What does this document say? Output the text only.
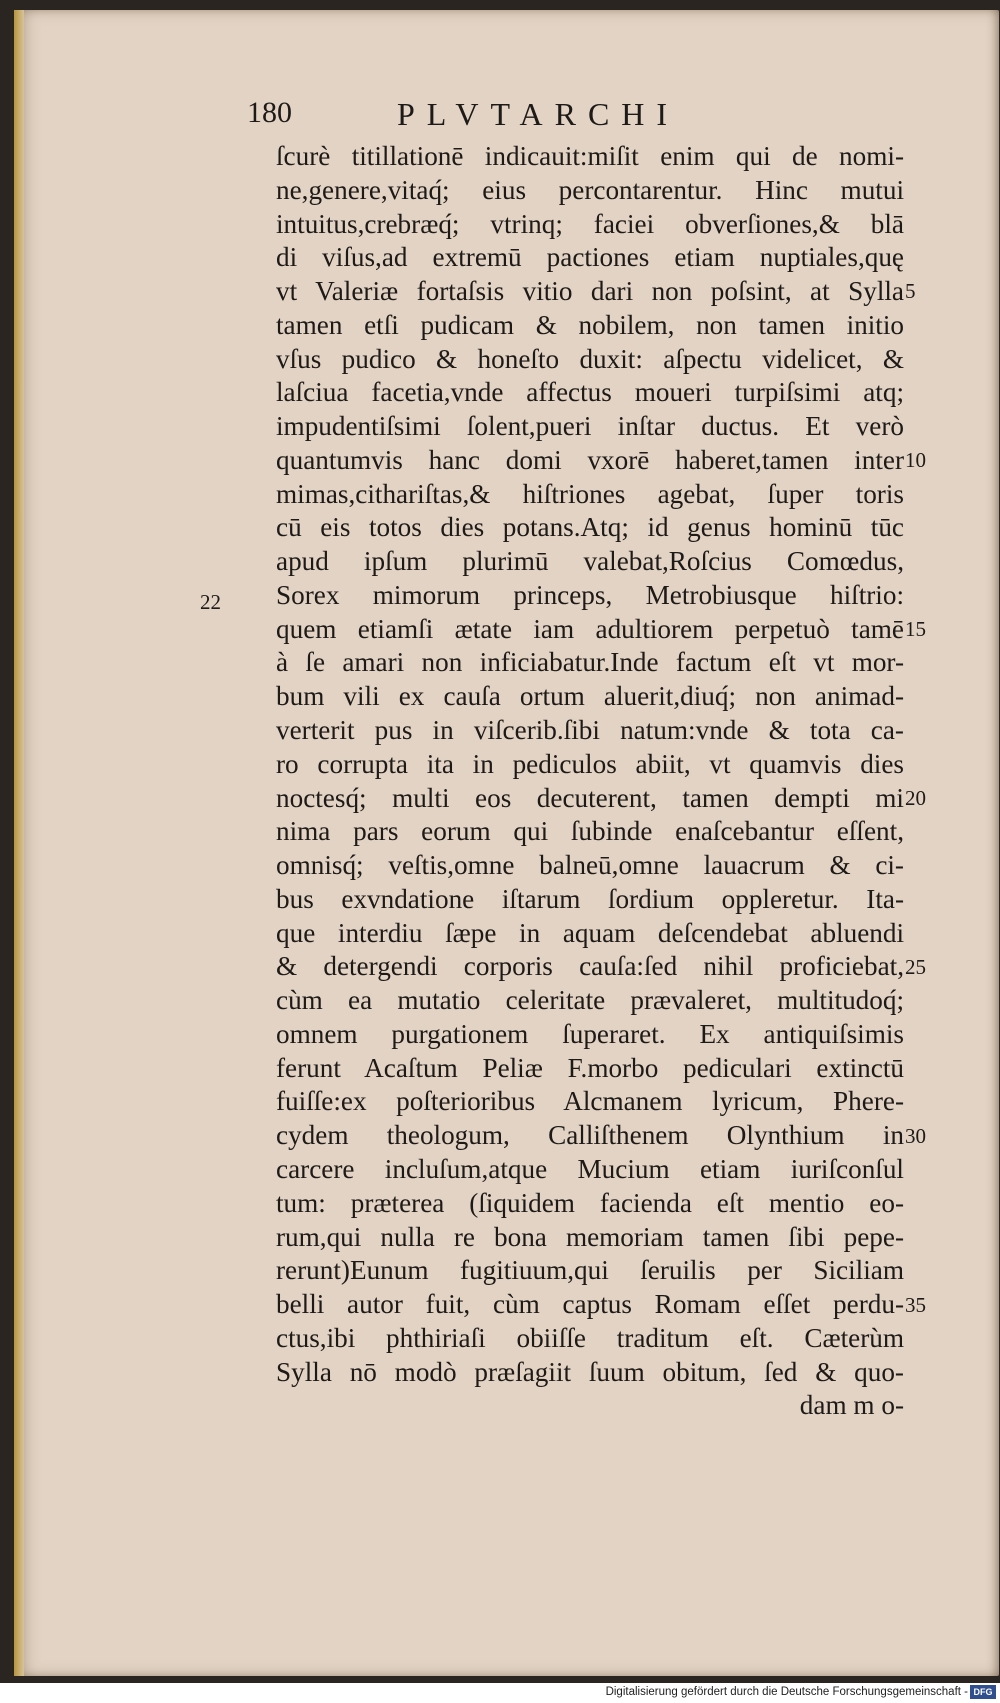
180	PLVTARCHI
ſcurè titillationē indicauit:miſit enim qui de nomi-
ne,genere,vitaq́; eius percontarentur. Hinc mutui
intuitus,crebræq́; vtrinq; faciei obverſiones,& blā
di viſus,ad extremū pactiones etiam nuptiales,quę
vt Valeriæ fortaſsis vitio dari non poſsint, at Sylla
tamen etſi pudicam & nobilem, non tamen initio
vſus pudico & honeſto duxit: aſpectu videlicet, &
laſciua facetia,vnde affectus moueri turpiſsimi atq;
impudentiſsimi ſolent,pueri inſtar ductus. Et verò
quantumvis hanc domi vxorē haberet,tamen inter
mimas,cithariſtas,& hiſtriones agebat, ſuper toris
cū eis totos dies potans.Atq; id genus hominū tūc
apud ipſum plurimū valebat,Roſcius Comœdus,
Sorex mimorum princeps, Metrobiusque hiſtrio:
quem etiamſi ætate iam adultiorem perpetuò tamē
à ſe amari non inficiabatur.Inde factum eſt vt mor-
bum vili ex cauſa ortum aluerit,diuq́; non animad-
verterit pus in viſcerib.ſibi natum:vnde & tota ca-
ro corrupta ita in pediculos abiit, vt quamvis dies
noctesq́; multi eos decuterent, tamen dempti mi
nima pars eorum qui ſubinde enaſcebantur eſſent,
omnisq́; veſtis,omne balneū,omne lauacrum & ci-
bus exvndatione iſtarum ſordium oppleretur. Ita-
que interdiu ſæpe in aquam deſcendebat abluendi
& detergendi corporis cauſa:ſed nihil proficiebat,
cùm ea mutatio celeritate prævaleret, multitudoq́;
omnem purgationem ſuperaret. Ex antiquiſsimis
ferunt Acaſtum Peliæ F.morbo pediculari extinctū
fuiſſe:ex poſterioribus Alcmanem lyricum, Phere-
cydem theologum, Calliſthenem Olynthium in
carcere incluſum,atque Mucium etiam iuriſconſul
tum: præterea (ſiquidem facienda eſt mentio eo-
rum,qui nulla re bona memoriam tamen ſibi pepe-
rerunt)Eunum fugitiuum,qui ſeruilis per Siciliam
belli autor fuit, cùm captus Romam eſſet perdu-
ctus,ibi phthiriaſi obiiſſe traditum eſt. Cæterùm
Sylla nō modò præſagiit ſuum obitum, ſed & quo-
dam m o-
22
5
10
15
20
25
30
35
Digitalisierung gefördert durch die Deutsche Forschungsgemeinschaft - DFG
